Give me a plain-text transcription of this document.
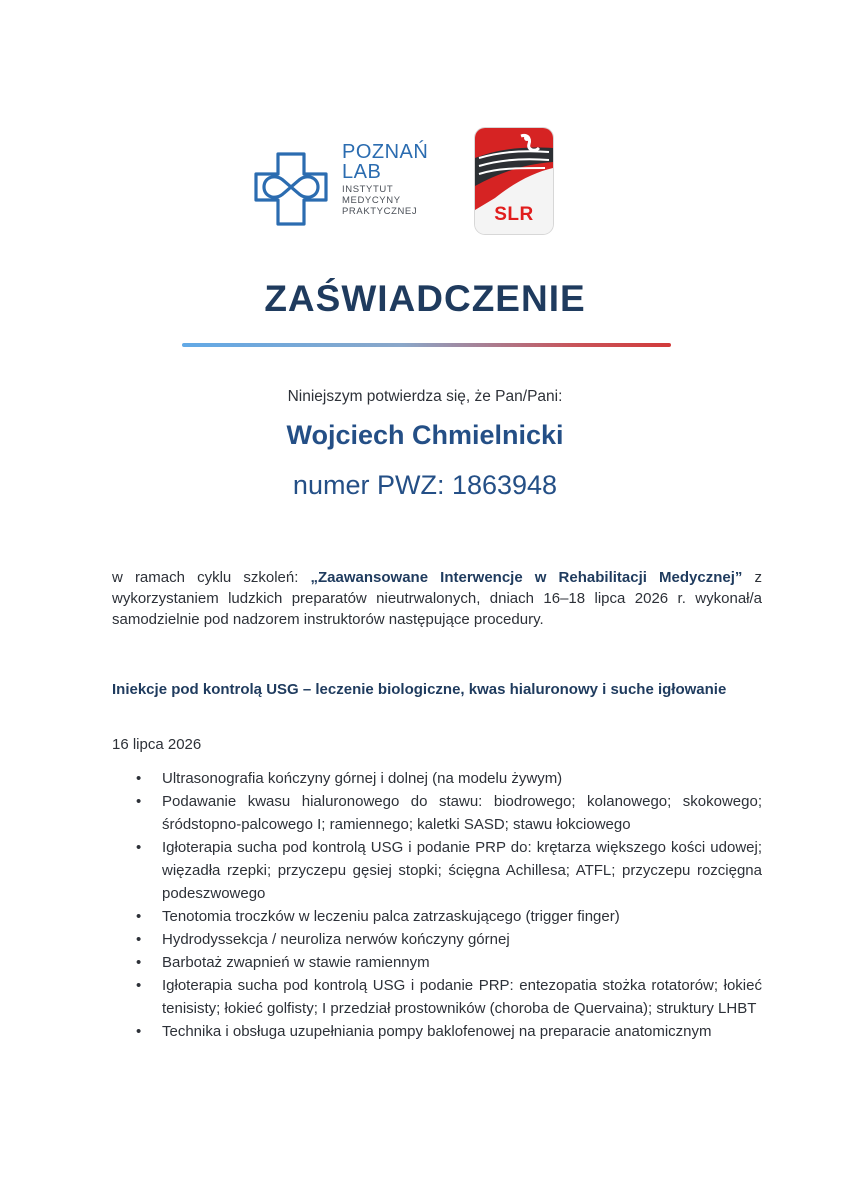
POZNAŃ
LAB
INSTYTUT
MEDYCYNY
PRAKTYCZNEJ	SLR
ZAŚWIADCZENIE
Niniejszym potwierdza się, że Pan/Pani:
Wojciech Chmielnicki
numer PWZ: 1863948
w ramach cyklu szkoleń: „Zaawansowane Interwencje w Rehabilitacji Medycznej” z wykorzystaniem ludzkich preparatów nieutrwalonych, dniach 16–18 lipca 2026 r. wykonał/a samodzielnie pod nadzorem instruktorów następujące procedury.
Iniekcje pod kontrolą USG – leczenie biologiczne, kwas hialuronowy i suche igłowanie
16 lipca 2026
• Ultrasonografia kończyny górnej i dolnej (na modelu żywym)
• Podawanie kwasu hialuronowego do stawu: biodrowego; kolanowego; skokowego; śródstopno-palcowego I; ramiennego; kaletki SASD; stawu łokciowego
• Igłoterapia sucha pod kontrolą USG i podanie PRP do: krętarza większego kości udowej; więzadła rzepki; przyczepu gęsiej stopki; ścięgna Achillesa; ATFL; przyczepu rozcięgna podeszwowego
• Tenotomia troczków w leczeniu palca zatrzaskującego (trigger finger)
• Hydrodyssekcja / neuroliza nerwów kończyny górnej
• Barbotaż zwapnień w stawie ramiennym
• Igłoterapia sucha pod kontrolą USG i podanie PRP: entezopatia stożka rotatorów; łokieć tenisisty; łokieć golfisty; I przedział prostowników (choroba de Quervaina); struktury LHBT
• Technika i obsługa uzupełniania pompy baklofenowej na preparacie anatomicznym
